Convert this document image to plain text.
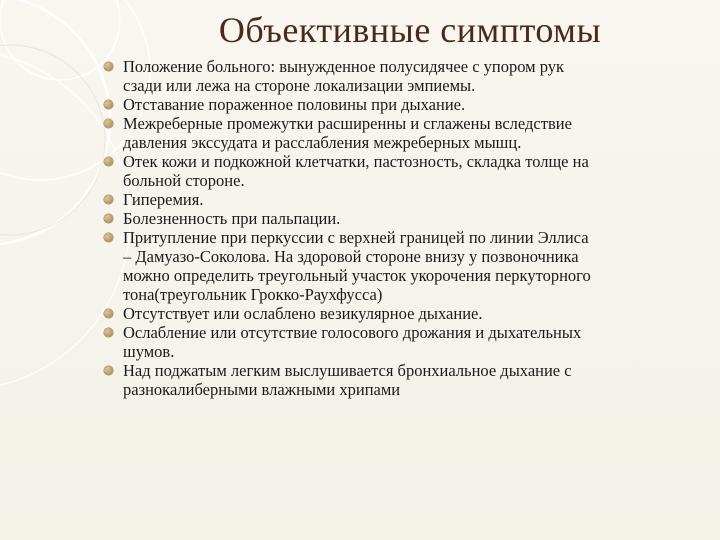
Объективные симптомы
Положение больного: вынужденное полусидячее с упором рук
сзади или лежа на стороне локализации эмпиемы.
Отставание пораженное половины при дыхание.
Межреберные промежутки расширенны и сглажены вследствие
давления экссудата и расслабления межреберных мышц.
Отек кожи и подкожной клетчатки, пастозность, складка толще на
больной стороне.
Гиперемия.
Болезненность при пальпации.
Притупление при перкуссии с верхней границей по линии Эллиса
– Дамуазо-Соколова. На здоровой стороне внизу у позвоночника
можно определить треугольный участок укорочения перкуторного
тона(треугольник Грокко-Раухфусса)
Отсутствует или ослаблено везикулярное дыхание.
Ослабление или отсутствие голосового дрожания и дыхательных
шумов.
Над поджатым легким выслушивается бронхиальное дыхание с
разнокалиберными влажными хрипами
